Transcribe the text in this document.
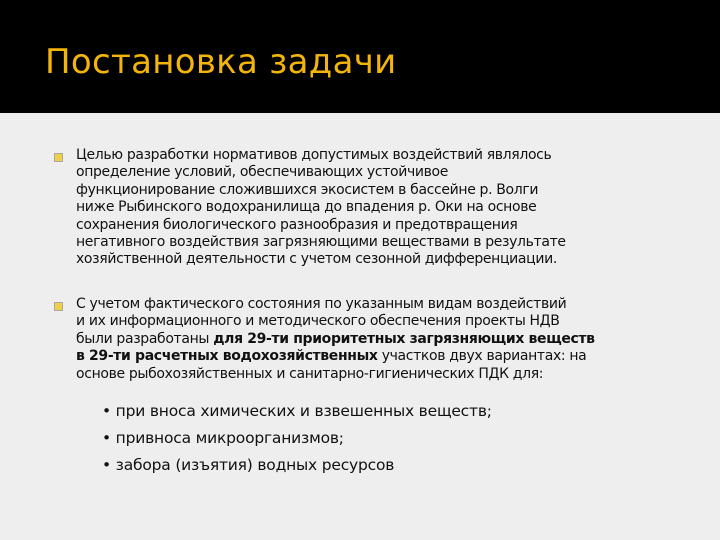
Постановка задачи
Целью разработки нормативов допустимых воздействий являлось
определение условий, обеспечивающих устойчивое
функционирование сложившихся экосистем в бассейне р. Волги
ниже Рыбинского водохранилища до впадения р. Оки на основе
сохранения биологического разнообразия и предотвращения
негативного воздействия загрязняющими веществами в результате
хозяйственной деятельности с учетом сезонной дифференциации.
С учетом фактического состояния по указанным видам воздействий
и их информационного и методического обеспечения проекты НДВ
были разработаны для 29-ти приоритетных загрязняющих веществ
в 29-ти расчетных водохозяйственных участков двух вариантах: на
основе рыбохозяйственных и санитарно-гигиенических ПДК для:
• при вноса химических и взвешенных веществ;
• привноса микроорганизмов;
• забора (изъятия) водных ресурсов
